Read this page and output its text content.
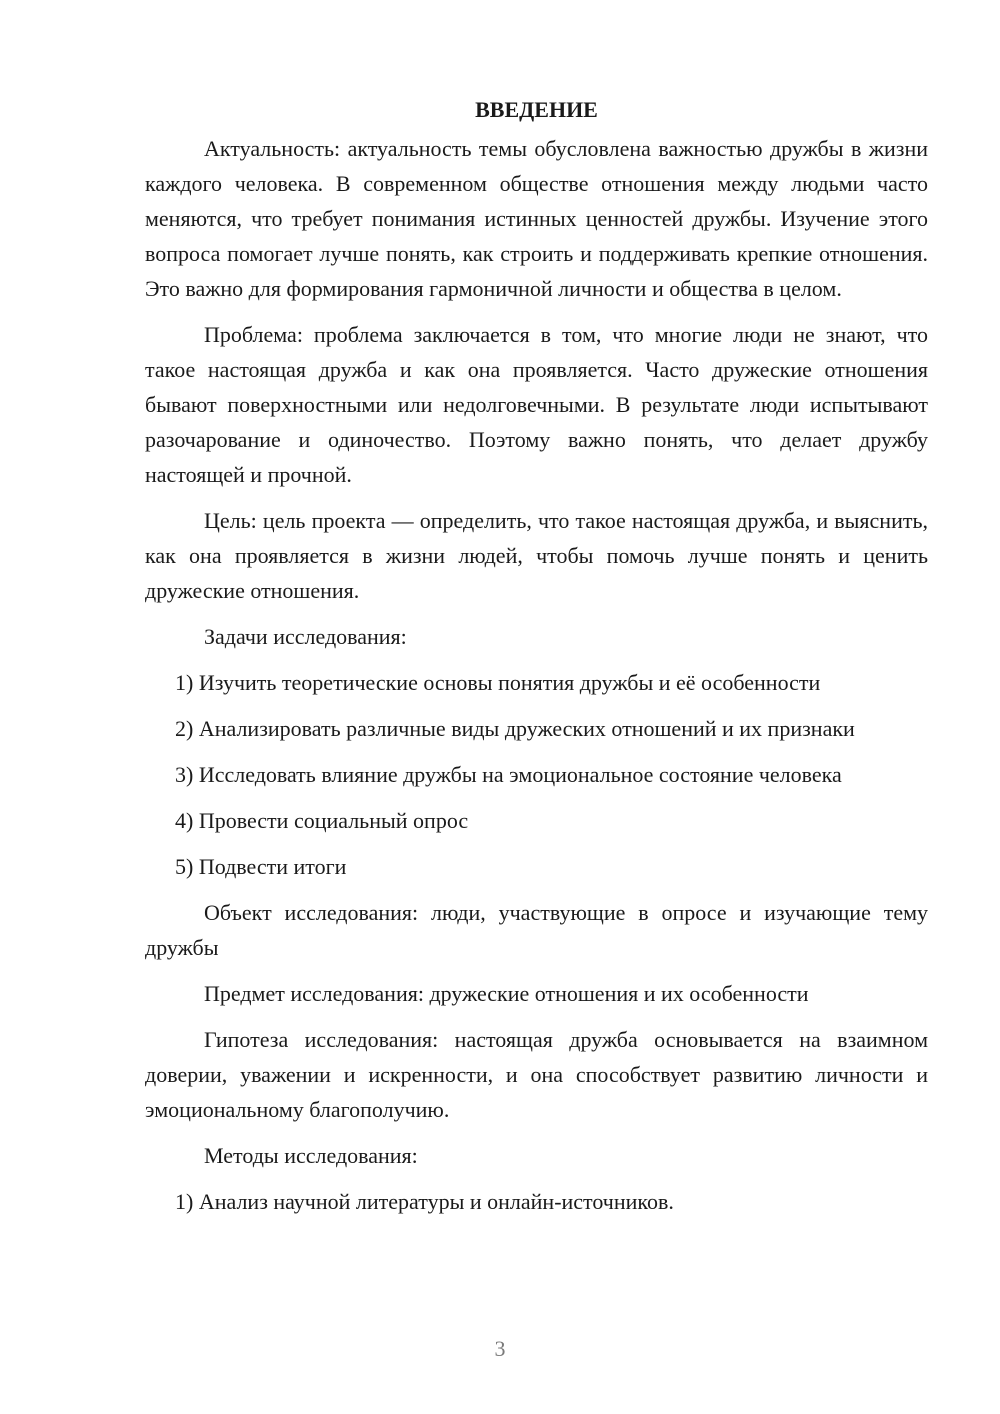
ВВЕДЕНИЕ

Актуальность: актуальность темы обусловлена важностью дружбы в жизни каждого человека. В современном обществе отношения между людьми часто меняются, что требует понимания истинных ценностей дружбы. Изучение этого вопроса помогает лучше понять, как строить и поддерживать крепкие отношения. Это важно для формирования гармоничной личности и общества в целом.

Проблема: проблема заключается в том, что многие люди не знают, что такое настоящая дружба и как она проявляется. Часто дружеские отношения бывают поверхностными или недолговечными. В результате люди испытывают разочарование и одиночество. Поэтому важно понять, что делает дружбу настоящей и прочной.

Цель: цель проекта — определить, что такое настоящая дружба, и выяснить, как она проявляется в жизни людей, чтобы помочь лучше понять и ценить дружеские отношения.

Задачи исследования:

1) Изучить теоретические основы понятия дружбы и её особенности

2) Анализировать различные виды дружеских отношений и их признаки

3) Исследовать влияние дружбы на эмоциональное состояние человека

4) Провести социальный опрос

5) Подвести итоги

Объект исследования: люди, участвующие в опросе и изучающие тему дружбы

Предмет исследования: дружеские отношения и их особенности

Гипотеза исследования: настоящая дружба основывается на взаимном доверии, уважении и искренности, и она способствует развитию личности и эмоциональному благополучию.

Методы исследования:

1) Анализ научной литературы и онлайн-источников.

3
